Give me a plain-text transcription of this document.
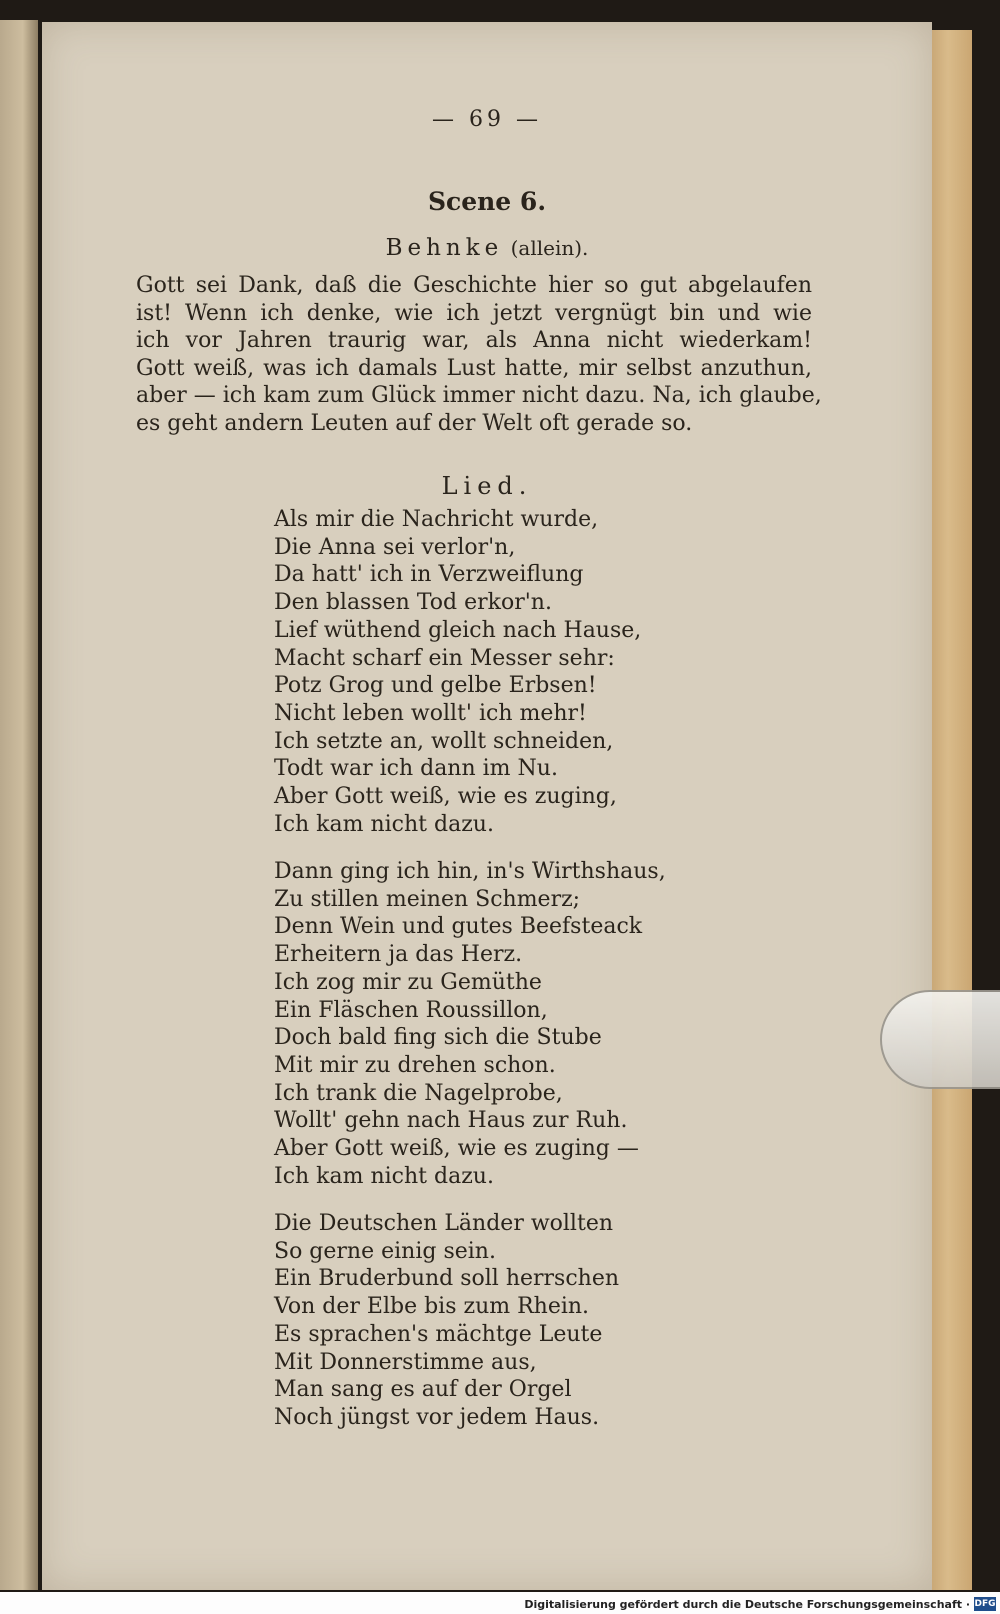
— 69 —
Scene 6.
Behnke (allein).

Gott sei Dank, daß die Geschichte hier so gut abgelaufen
ist! Wenn ich denke, wie ich jetzt vergnügt bin und wie
ich vor Jahren traurig war, als Anna nicht wiederkam!
Gott weiß, was ich damals Lust hatte, mir selbst anzuthun,
aber — ich kam zum Glück immer nicht dazu. Na, ich glaube,
es geht andern Leuten auf der Welt oft gerade so.

Lied.
Als mir die Nachricht wurde,
Die Anna sei verlor'n,
Da hatt' ich in Verzweiflung
Den blassen Tod erkor'n.
Lief wüthend gleich nach Hause,
Macht scharf ein Messer sehr:
Potz Grog und gelbe Erbsen!
Nicht leben wollt' ich mehr!
Ich setzte an, wollt schneiden,
Todt war ich dann im Nu.
Aber Gott weiß, wie es zuging,
Ich kam nicht dazu.
Dann ging ich hin, in's Wirthshaus,
Zu stillen meinen Schmerz;
Denn Wein und gutes Beefsteack
Erheitern ja das Herz.
Ich zog mir zu Gemüthe
Ein Fläschen Roussillon,
Doch bald fing sich die Stube
Mit mir zu drehen schon.
Ich trank die Nagelprobe,
Wollt' gehn nach Haus zur Ruh.
Aber Gott weiß, wie es zuging —
Ich kam nicht dazu.
Die Deutschen Länder wollten
So gerne einig sein.
Ein Bruderbund soll herrschen
Von der Elbe bis zum Rhein.
Es sprachen's mächtge Leute
Mit Donnerstimme aus,
Man sang es auf der Orgel
Noch jüngst vor jedem Haus.
Digitalisierung gefördert durch die Deutsche Forschungsgemeinschaft · DFG
